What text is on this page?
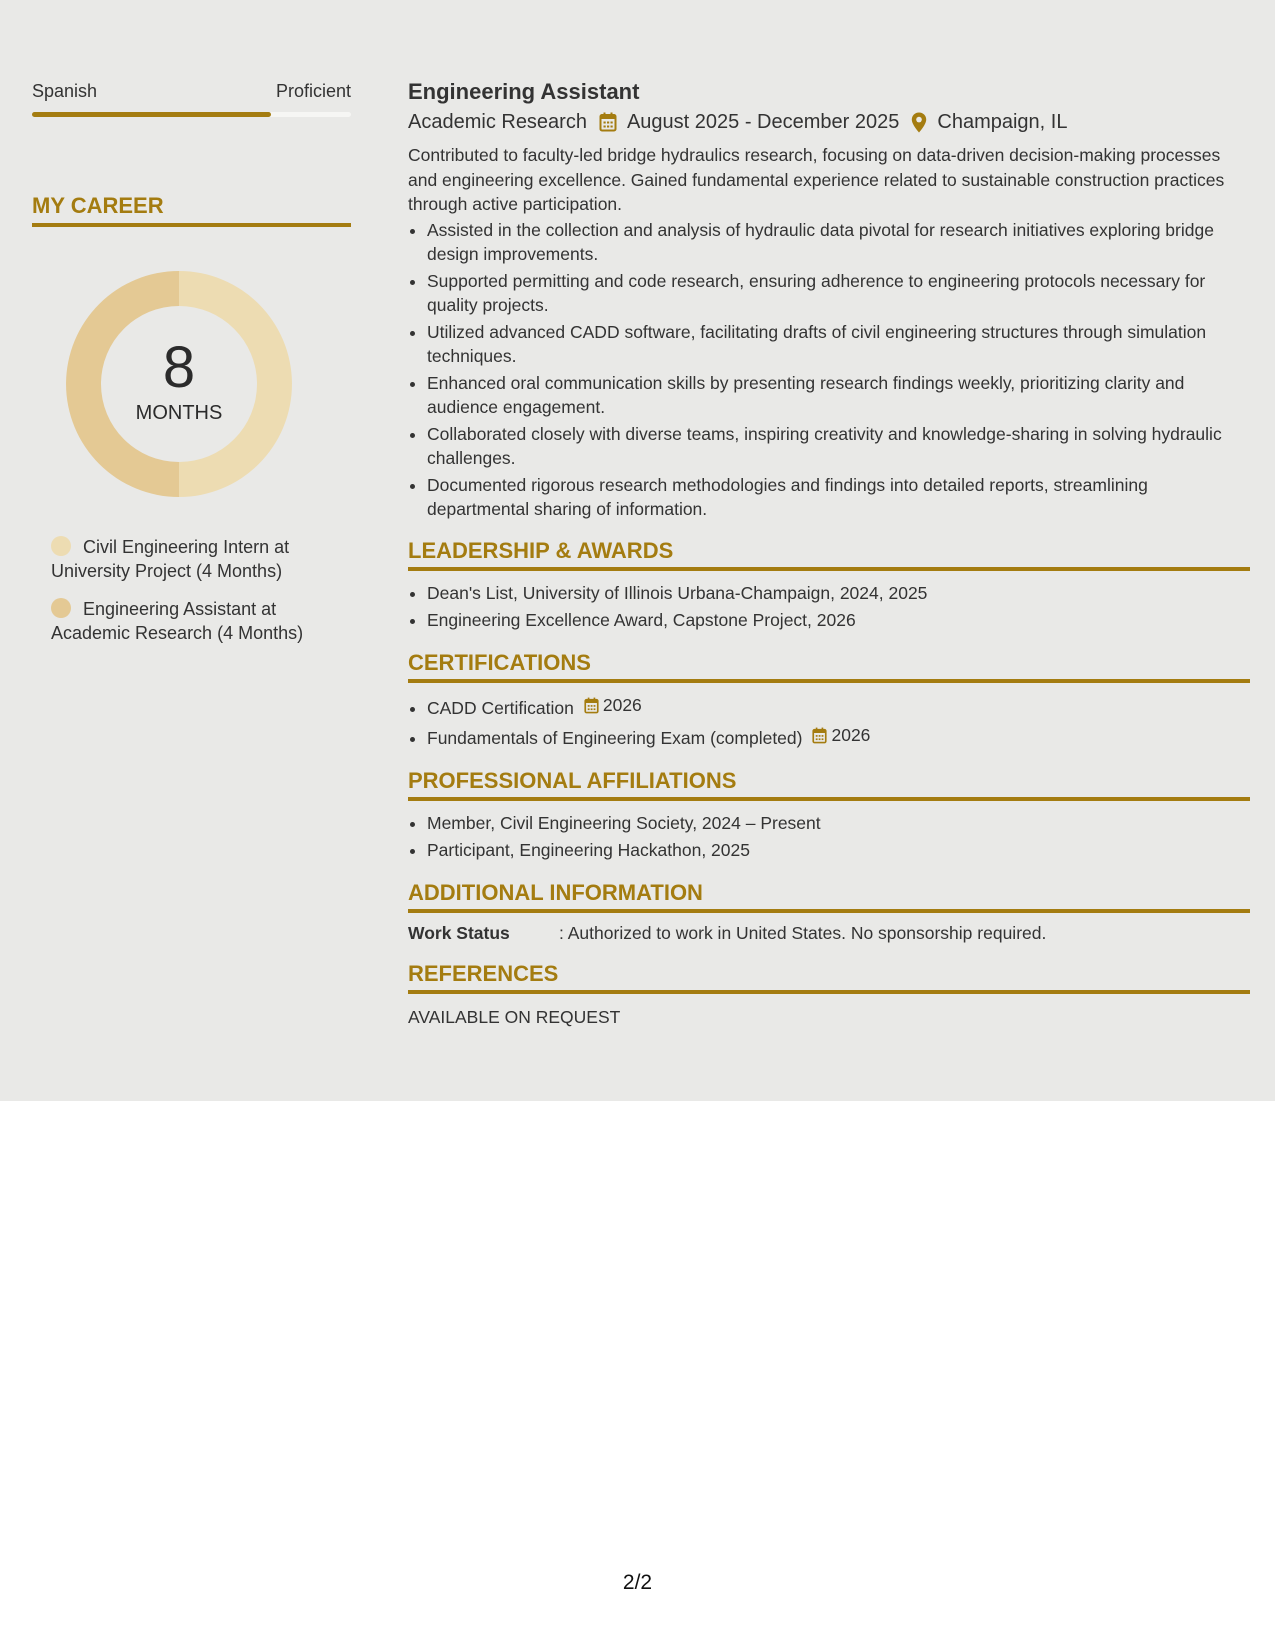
Spanish	Proficient
MY CAREER
8
MONTHS
Civil Engineering Intern at University Project (4 Months)
Engineering Assistant at Academic Research (4 Months)
Engineering Assistant
Academic Research August 2025 - December 2025 Champaign, IL
Contributed to faculty-led bridge hydraulics research, focusing on data-driven decision-making processes and engineering excellence. Gained fundamental experience related to sustainable construction practices through active participation.
• Assisted in the collection and analysis of hydraulic data pivotal for research initiatives exploring bridge design improvements.
• Supported permitting and code research, ensuring adherence to engineering protocols necessary for quality projects.
• Utilized advanced CADD software, facilitating drafts of civil engineering structures through simulation techniques.
• Enhanced oral communication skills by presenting research findings weekly, prioritizing clarity and audience engagement.
• Collaborated closely with diverse teams, inspiring creativity and knowledge-sharing in solving hydraulic challenges.
• Documented rigorous research methodologies and findings into detailed reports, streamlining departmental sharing of information.
LEADERSHIP & AWARDS
• Dean's List, University of Illinois Urbana-Champaign, 2024, 2025
• Engineering Excellence Award, Capstone Project, 2026
CERTIFICATIONS
• CADD Certification 2026
• Fundamentals of Engineering Exam (completed) 2026
PROFESSIONAL AFFILIATIONS
• Member, Civil Engineering Society, 2024 – Present
• Participant, Engineering Hackathon, 2025
ADDITIONAL INFORMATION
Work Status	: Authorized to work in United States. No sponsorship required.
REFERENCES
AVAILABLE ON REQUEST
2/2
